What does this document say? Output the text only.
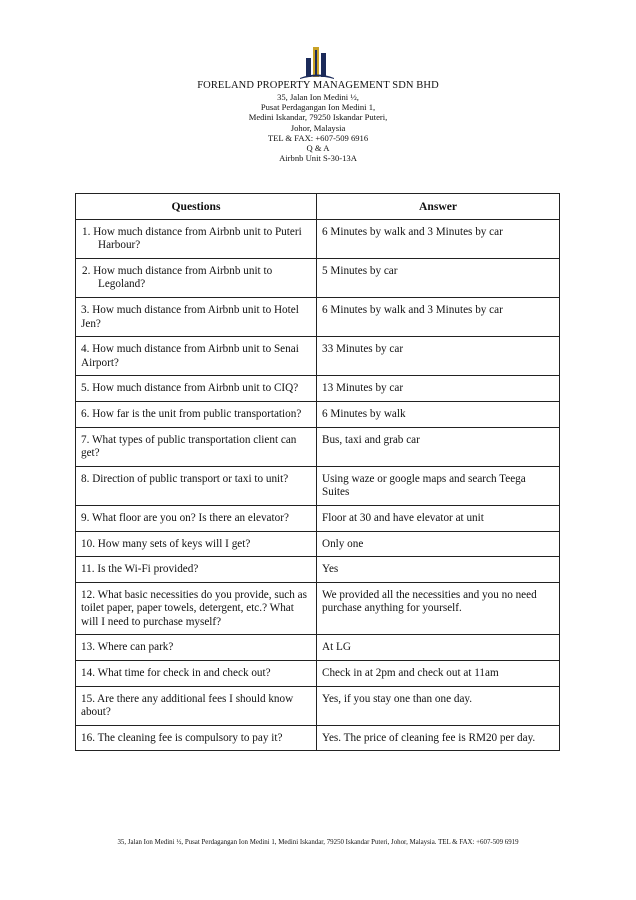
FORELAND PROPERTY MANAGEMENT SDN BHD
35, Jalan Ion Medini ½,
Pusat Perdagangan Ion Medini 1,
Medini Iskandar, 79250 Iskandar Puteri,
Johor, Malaysia
TEL & FAX: +607-509 6916
Q & A
Airbnb Unit S-30-13A
Questions	Answer
1. How much distance from Airbnb unit to Puteri Harbour?	6 Minutes by walk and 3 Minutes by car
2. How much distance from Airbnb unit to Legoland?	5 Minutes by car
3. How much distance from Airbnb unit to Hotel Jen?	6 Minutes by walk and 3 Minutes by car
4. How much distance from Airbnb unit to Senai Airport?	33 Minutes by car
5. How much distance from Airbnb unit to CIQ?	13 Minutes by car
6. How far is the unit from public transportation?	6 Minutes by walk
7. What types of public transportation client can get?	Bus, taxi and grab car
8. Direction of public transport or taxi to unit?	Using waze or google maps and search Teega Suites
9. What floor are you on? Is there an elevator?	Floor at 30 and have elevator at unit
10. How many sets of keys will I get?	Only one
11. Is the Wi-Fi provided?	Yes
12. What basic necessities do you provide, such as toilet paper, paper towels, detergent, etc.? What will I need to purchase myself?	We provided all the necessities and you no need purchase anything for yourself.
13. Where can park?	At LG
14. What time for check in and check out?	Check in at 2pm and check out at 11am
15. Are there any additional fees I should know about?	Yes, if you stay one than one day.
16. The cleaning fee is compulsory to pay it?	Yes. The price of cleaning fee is RM20 per day.
35, Jalan Ion Medini ½, Pusat Perdagangan Ion Medini 1, Medini Iskandar, 79250 Iskandar Puteri, Johor, Malaysia. TEL & FAX: +607-509 6919
